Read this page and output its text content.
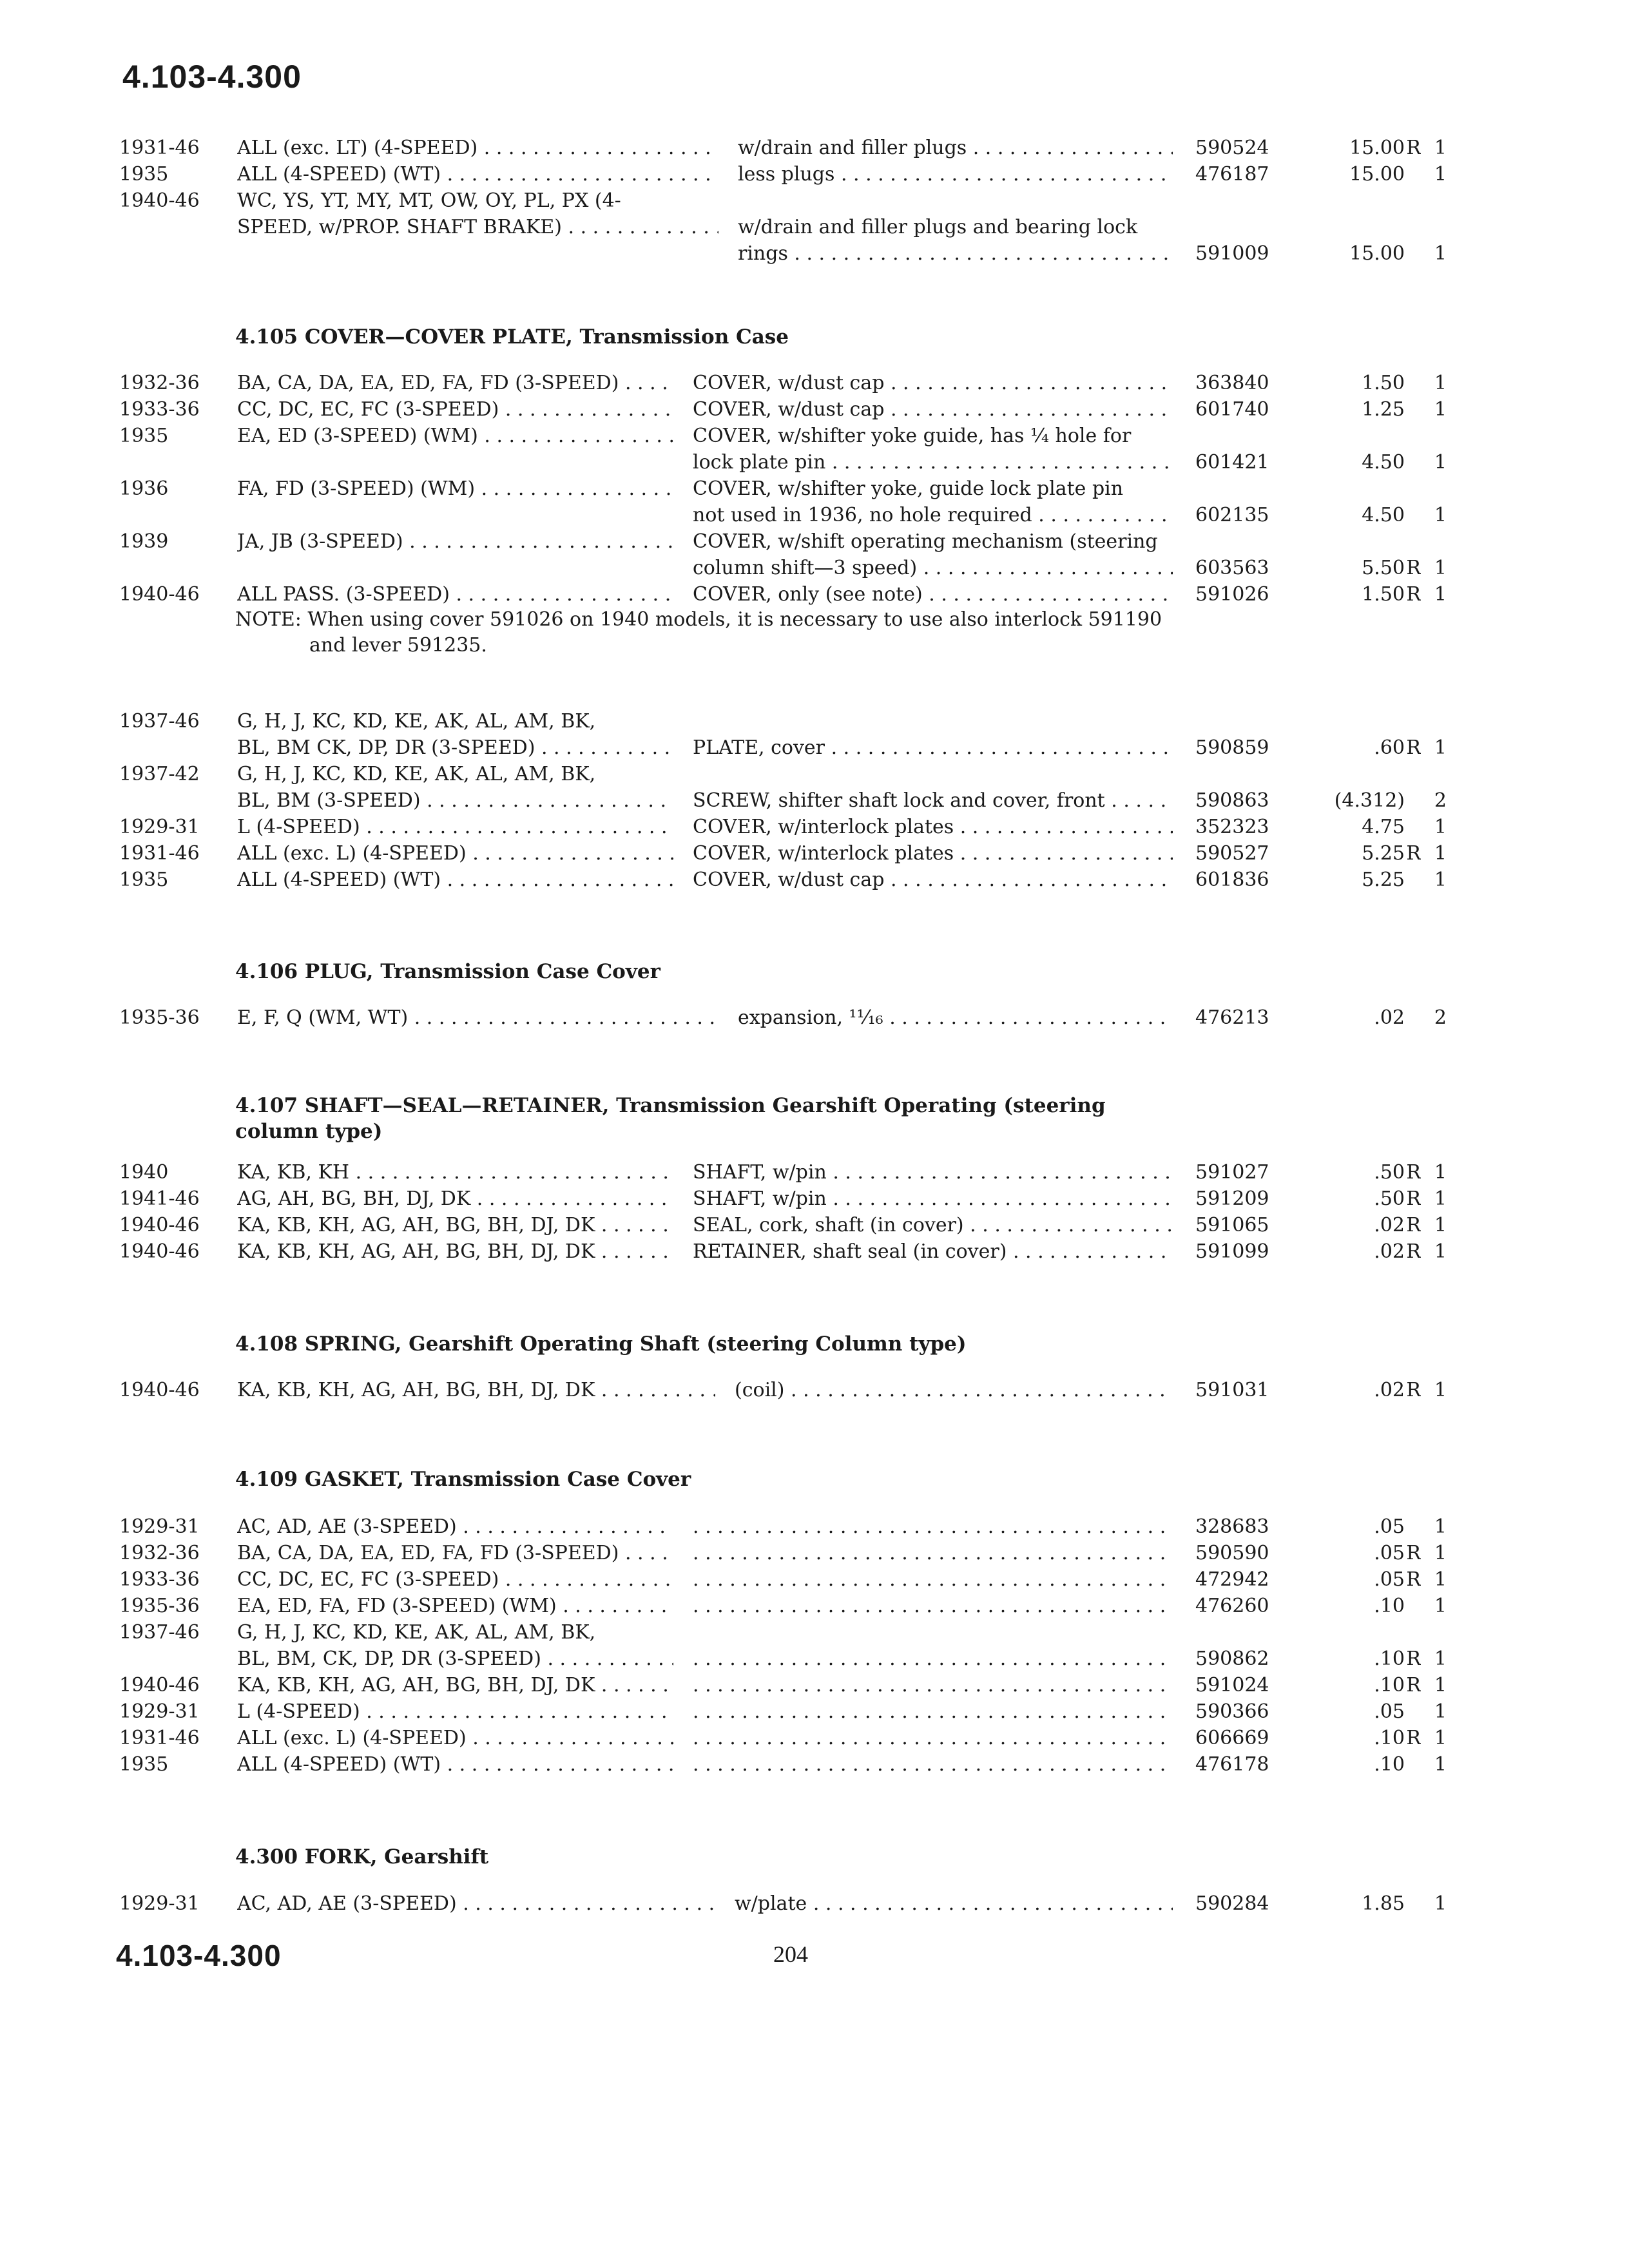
4.103-4.300
1931-46	ALL (exc. LT) (4-SPEED) . . .	w/drain and filler plugs . . .	590524	15.00 R 1
1935	ALL (4-SPEED) (WT) . . .	less plugs . . .	476187	15.00	1
1940-46	WC, YS, YT, MY, MT, OW, OY, PL, PX (4-
SPEED, w/PROP. SHAFT BRAKE) . . .	w/drain and filler plugs and bearing lock
rings . . .	591009	15.00	1
4.105 COVER—COVER PLATE, Transmission Case
1932-36	BA, CA, DA, EA, ED, FA, FD (3-SPEED) . . .	COVER, w/dust cap . . .	363840	1.50	1
1933-36	CC, DC, EC, FC (3-SPEED) . . .	COVER, w/dust cap . . .	601740	1.25	1
1935	EA, ED (3-SPEED) (WM) . . .	COVER, w/shifter yoke guide, has ¼ hole for
lock plate pin . . .	601421	4.50	1
1936	FA, FD (3-SPEED) (WM) . . .	COVER, w/shifter yoke, guide lock plate pin
not used in 1936, no hole required . . .	602135	4.50	1
1939	JA, JB (3-SPEED) . . .	COVER, w/shift operating mechanism (steering
column shift—3 speed) . . .	603563	5.50 R 1
1940-46	ALL PASS. (3-SPEED) . . .	COVER, only (see note) . . .	591026	1.50 R 1
NOTE: When using cover 591026 on 1940 models, it is necessary to use also interlock 591190
and lever 591235.
1937-46	G, H, J, KC, KD, KE, AK, AL, AM, BK,
BL, BM CK, DP, DR (3-SPEED) . . .	PLATE, cover . . .	590859	.60 R 1
1937-42	G, H, J, KC, KD, KE, AK, AL, AM, BK,
BL, BM (3-SPEED) . . .	SCREW, shifter shaft lock and cover, front . . .	590863	(4.312)	2
1929-31	L (4-SPEED) . . .	COVER, w/interlock plates . . .	352323	4.75	1
1931-46	ALL (exc. L) (4-SPEED) . . .	COVER, w/interlock plates . . .	590527	5.25 R 1
1935	ALL (4-SPEED) (WT) . . .	COVER, w/dust cap . . .	601836	5.25	1
4.106 PLUG, Transmission Case Cover
1935-36	E, F, Q (WM, WT) . . .	expansion, ¹¹⁄₁₆ . . .	476213	.02	2
4.107 SHAFT—SEAL—RETAINER, Transmission Gearshift Operating (steering column type)
1940	KA, KB, KH . . .	SHAFT, w/pin . . .	591027	.50 R 1
1941-46	AG, AH, BG, BH, DJ, DK . . .	SHAFT, w/pin . . .	591209	.50 R 1
1940-46	KA, KB, KH, AG, AH, BG, BH, DJ, DK . . .	SEAL, cork, shaft (in cover) . . .	591065	.02 R 1
1940-46	KA, KB, KH, AG, AH, BG, BH, DJ, DK . . .	RETAINER, shaft seal (in cover) . . .	591099	.02 R 1
4.108 SPRING, Gearshift Operating Shaft (steering Column type)
1940-46	KA, KB, KH, AG, AH, BG, BH, DJ, DK . . .	(coil) . . .	591031	.02 R 1
4.109 GASKET, Transmission Case Cover
1929-31	AC, AD, AE (3-SPEED) . . . . . .	328683	.05	1
1932-36	BA, CA, DA, EA, ED, FA, FD (3-SPEED) . . . . . .	590590	.05 R 1
1933-36	CC, DC, EC, FC (3-SPEED) . . . . . .	472942	.05 R 1
1935-36	EA, ED, FA, FD (3-SPEED) (WM) . . . . . .	476260	.10	1
1937-46	G, H, J, KC, KD, KE, AK, AL, AM, BK,
BL, BM, CK, DP, DR (3-SPEED) . . . . . .	590862	.10 R 1
1940-46	KA, KB, KH, AG, AH, BG, BH, DJ, DK . . . . . .	591024	.10 R 1
1929-31	L (4-SPEED) . . . . . .	590366	.05	1
1931-46	ALL (exc. L) (4-SPEED) . . . . . .	606669	.10 R 1
1935	ALL (4-SPEED) (WT) . . . . . .	476178	.10	1
4.300 FORK, Gearshift
1929-31	AC, AD, AE (3-SPEED) . . .	w/plate . . .	590284	1.85	1
4.103-4.300	204
